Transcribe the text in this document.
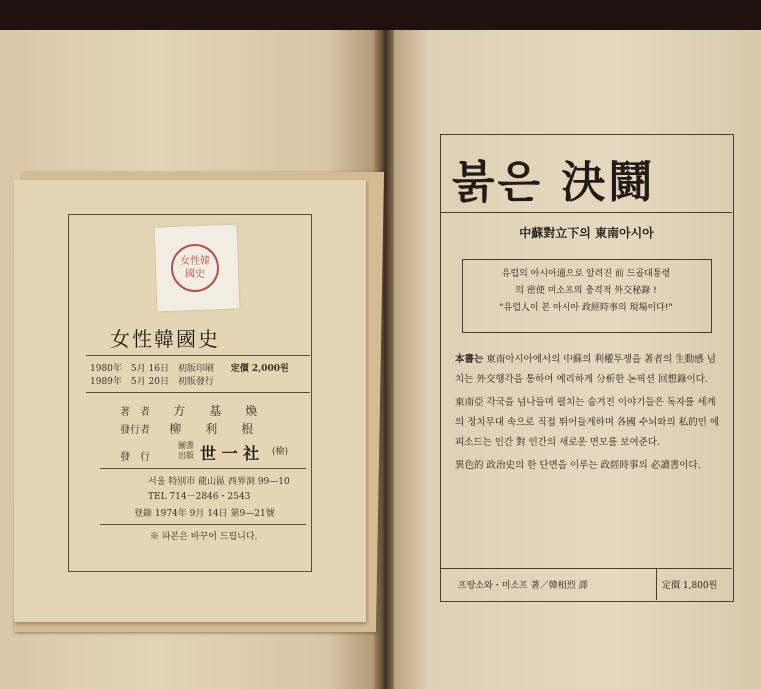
女性韓國史
女性韓國史
1980年　5月 16日 初版印刷 定價 2,000원
1989年　5月 20日 初版發行
著　者 方　　基　　煥
發行者 柳　　利　　根
發　行
圖書出版 世 一 社 (檢)
서울 特別市 龍山區 西界洞 99—10
TEL 714－2846・2543
登錄 1974年 9月 14日 第9—21號
※ 파본은 바꾸어 드립니다.
붉은 決鬪
中蘇對立下의 東南아시아
유럽의 아시아通으로 알려진 前 드골대통령
의 密使 미소프의 충격적 外交秘錄 !
"유럽人이 본 아시아 政經時事의 現場이다!"

本書는 東南아시아에서의 中蘇의 利權투쟁을 著者의 生動感 넘치는 外交행각을 통하여 예리하게 分析한 논픽션 回想錄이다.

東南亞 각국을 넘나들며 펼치는 숨겨진 이야기들은 독자를 세계의 정치무대 속으로 직접 뛰어들게하며 各國 수뇌와의 私的인 에피소드는 인간 對 인간의 새로운 면모를 보여준다.

異色的 政治史의 한 단면을 이루는 政經時事의 必讀書이다.

프랑소와・미소프 著／韓相烈 譯	定價 1,800원
